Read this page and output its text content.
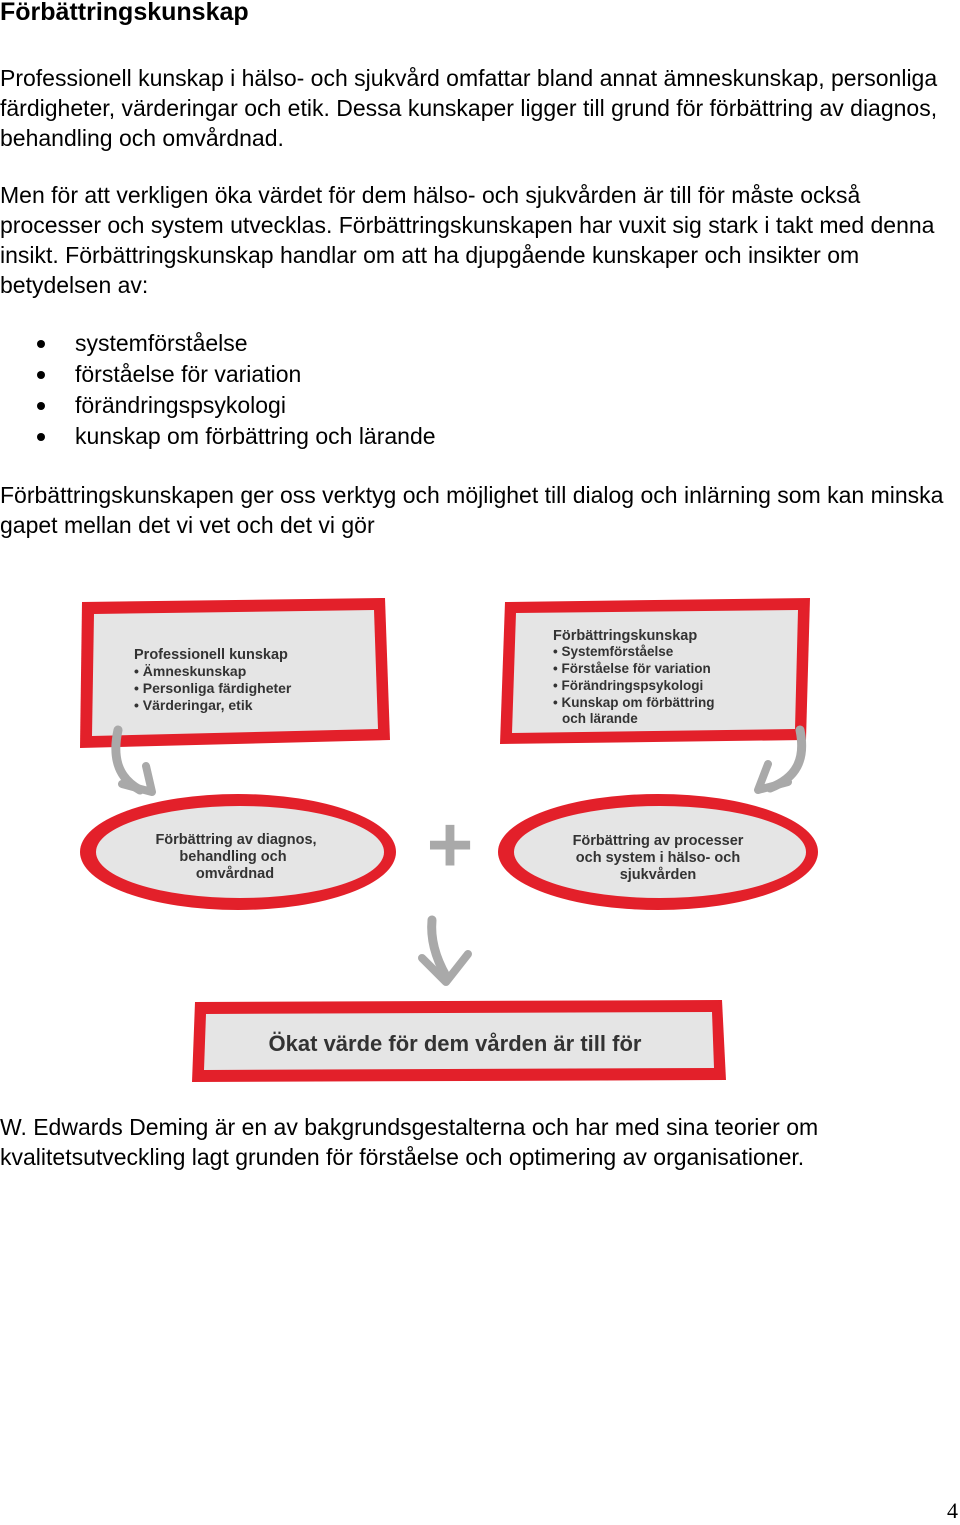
Förbättringskunskap

Professionell kunskap i hälso- och sjukvård omfattar bland annat ämneskunskap, personliga färdigheter, värderingar och etik. Dessa kunskaper ligger till grund för förbättring av diagnos, behandling och omvårdnad.

Men för att verkligen öka värdet för dem hälso- och sjukvården är till för måste också processer och system utvecklas. Förbättringskunskapen har vuxit sig stark i takt med denna insikt. Förbättringskunskap handlar om att ha djupgående kunskaper och insikter om betydelsen av:

systemförståelse
förståelse för variation
förändringspsykologi
kunskap om förbättring och lärande

Förbättringskunskapen ger oss verktyg och möjlighet till dialog och inlärning som kan minska gapet mellan det vi vet och det vi gör

Professionell kunskap
• Ämneskunskap
• Personliga färdigheter
• Värderingar, etik
Förbättringskunskap
• Systemförståelse
• Förståelse för variation
• Förändringspsykologi
• Kunskap om förbättring
och lärande
Förbättring av diagnos,
behandling och
omvårdnad +	Förbättring av processer
och system i hälso- och
sjukvården
Ökat värde för dem vården är till för

W. Edwards Deming är en av bakgrundsgestalterna och har med sina teorier om kvalitetsutveckling lagt grunden för förståelse och optimering av organisationer.

4
